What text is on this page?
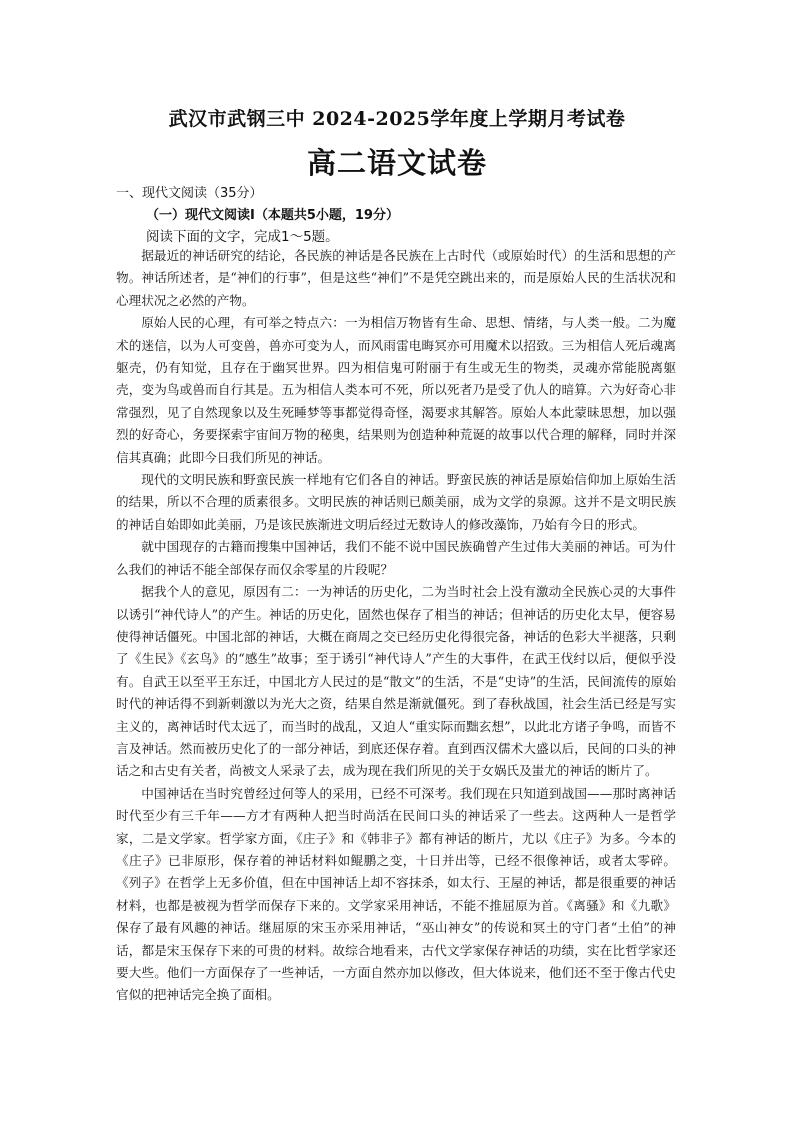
武汉市武钢三中 2024-2025学年度上学期月考试卷
高二语文试卷
一、现代文阅读（35分）
（一）现代文阅读Ⅰ（本题共5小题，19分）
阅读下面的文字，完成1～5题。

据最近的神话研究的结论，各民族的神话是各民族在上古时代（或原始时代）的生活和思想的产物。神话所述者，是“神们的行事”，但是这些“神们”不是凭空跳出来的，而是原始人民的生活状况和心理状况之必然的产物。

原始人民的心理，有可举之特点六：一为相信万物皆有生命、思想、情绪，与人类一般。二为魔术的迷信，以为人可变兽，兽亦可变为人，而风雨雷电晦冥亦可用魔术以招致。三为相信人死后魂离躯壳，仍有知觉，且存在于幽冥世界。四为相信鬼可附丽于有生或无生的物类，灵魂亦常能脱离躯壳，变为鸟或兽而自行其是。五为相信人类本可不死，所以死者乃是受了仇人的暗算。六为好奇心非常强烈，见了自然现象以及生死睡梦等事都觉得奇怪，渴要求其解答。原始人本此蒙昧思想，加以强烈的好奇心，务要探索宇宙间万物的秘奥，结果则为创造种种荒诞的故事以代合理的解释，同时并深信其真确；此即今日我们所见的神话。

现代的文明民族和野蛮民族一样地有它们各自的神话。野蛮民族的神话是原始信仰加上原始生活的结果，所以不合理的质素很多。文明民族的神话则已颇美丽，成为文学的泉源。这并不是文明民族的神话自始即如此美丽，乃是该民族渐进文明后经过无数诗人的修改藻饰，乃始有今日的形式。

就中国现存的古籍而搜集中国神话，我们不能不说中国民族确曾产生过伟大美丽的神话。可为什么我们的神话不能全部保存而仅余零星的片段呢？

据我个人的意见，原因有二：一为神话的历史化，二为当时社会上没有激动全民族心灵的大事件以诱引“神代诗人”的产生。神话的历史化，固然也保存了相当的神话；但神话的历史化太早，便容易使得神话僵死。中国北部的神话，大概在商周之交已经历史化得很完备，神话的色彩大半褪落，只剩了《生民》《玄鸟》的“感生”故事；至于诱引“神代诗人”产生的大事件，在武王伐纣以后，便似乎没有。自武王以至平王东迁，中国北方人民过的是“散文”的生活，不是“史诗”的生活，民间流传的原始时代的神话得不到新刺激以为光大之资，结果自然是渐就僵死。到了春秋战国，社会生活已经是写实主义的，离神话时代太远了，而当时的战乱，又迫人“重实际而黜玄想”，以此北方诸子争鸣，而皆不言及神话。然而被历史化了的一部分神话，到底还保存着。直到西汉儒术大盛以后，民间的口头的神话之和古史有关者，尚被文人采录了去，成为现在我们所见的关于女娲氏及蚩尤的神话的断片了。

中国神话在当时究曾经过何等人的采用，已经不可深考。我们现在只知道到战国——那时离神话时代至少有三千年——方才有两种人把当时尚活在民间口头的神话采了一些去。这两种人一是哲学家，二是文学家。哲学家方面，《庄子》和《韩非子》都有神话的断片，尤以《庄子》为多。今本的《庄子》已非原形，保存着的神话材料如鲲鹏之变，十日并出等，已经不很像神话，或者太零碎。《列子》在哲学上无多价值，但在中国神话上却不容抹杀，如太行、王屋的神话，都是很重要的神话材料，也都是被视为哲学而保存下来的。文学家采用神话，不能不推屈原为首。《离骚》和《九歌》保存了最有风趣的神话。继屈原的宋玉亦采用神话，“巫山神女”的传说和冥土的守门者“土伯”的神话，都是宋玉保存下来的可贵的材料。故综合地看来，古代文学家保存神话的功绩，实在比哲学家还要大些。他们一方面保存了一些神话，一方面自然亦加以修改，但大体说来，他们还不至于像古代史官似的把神话完全换了面相。
